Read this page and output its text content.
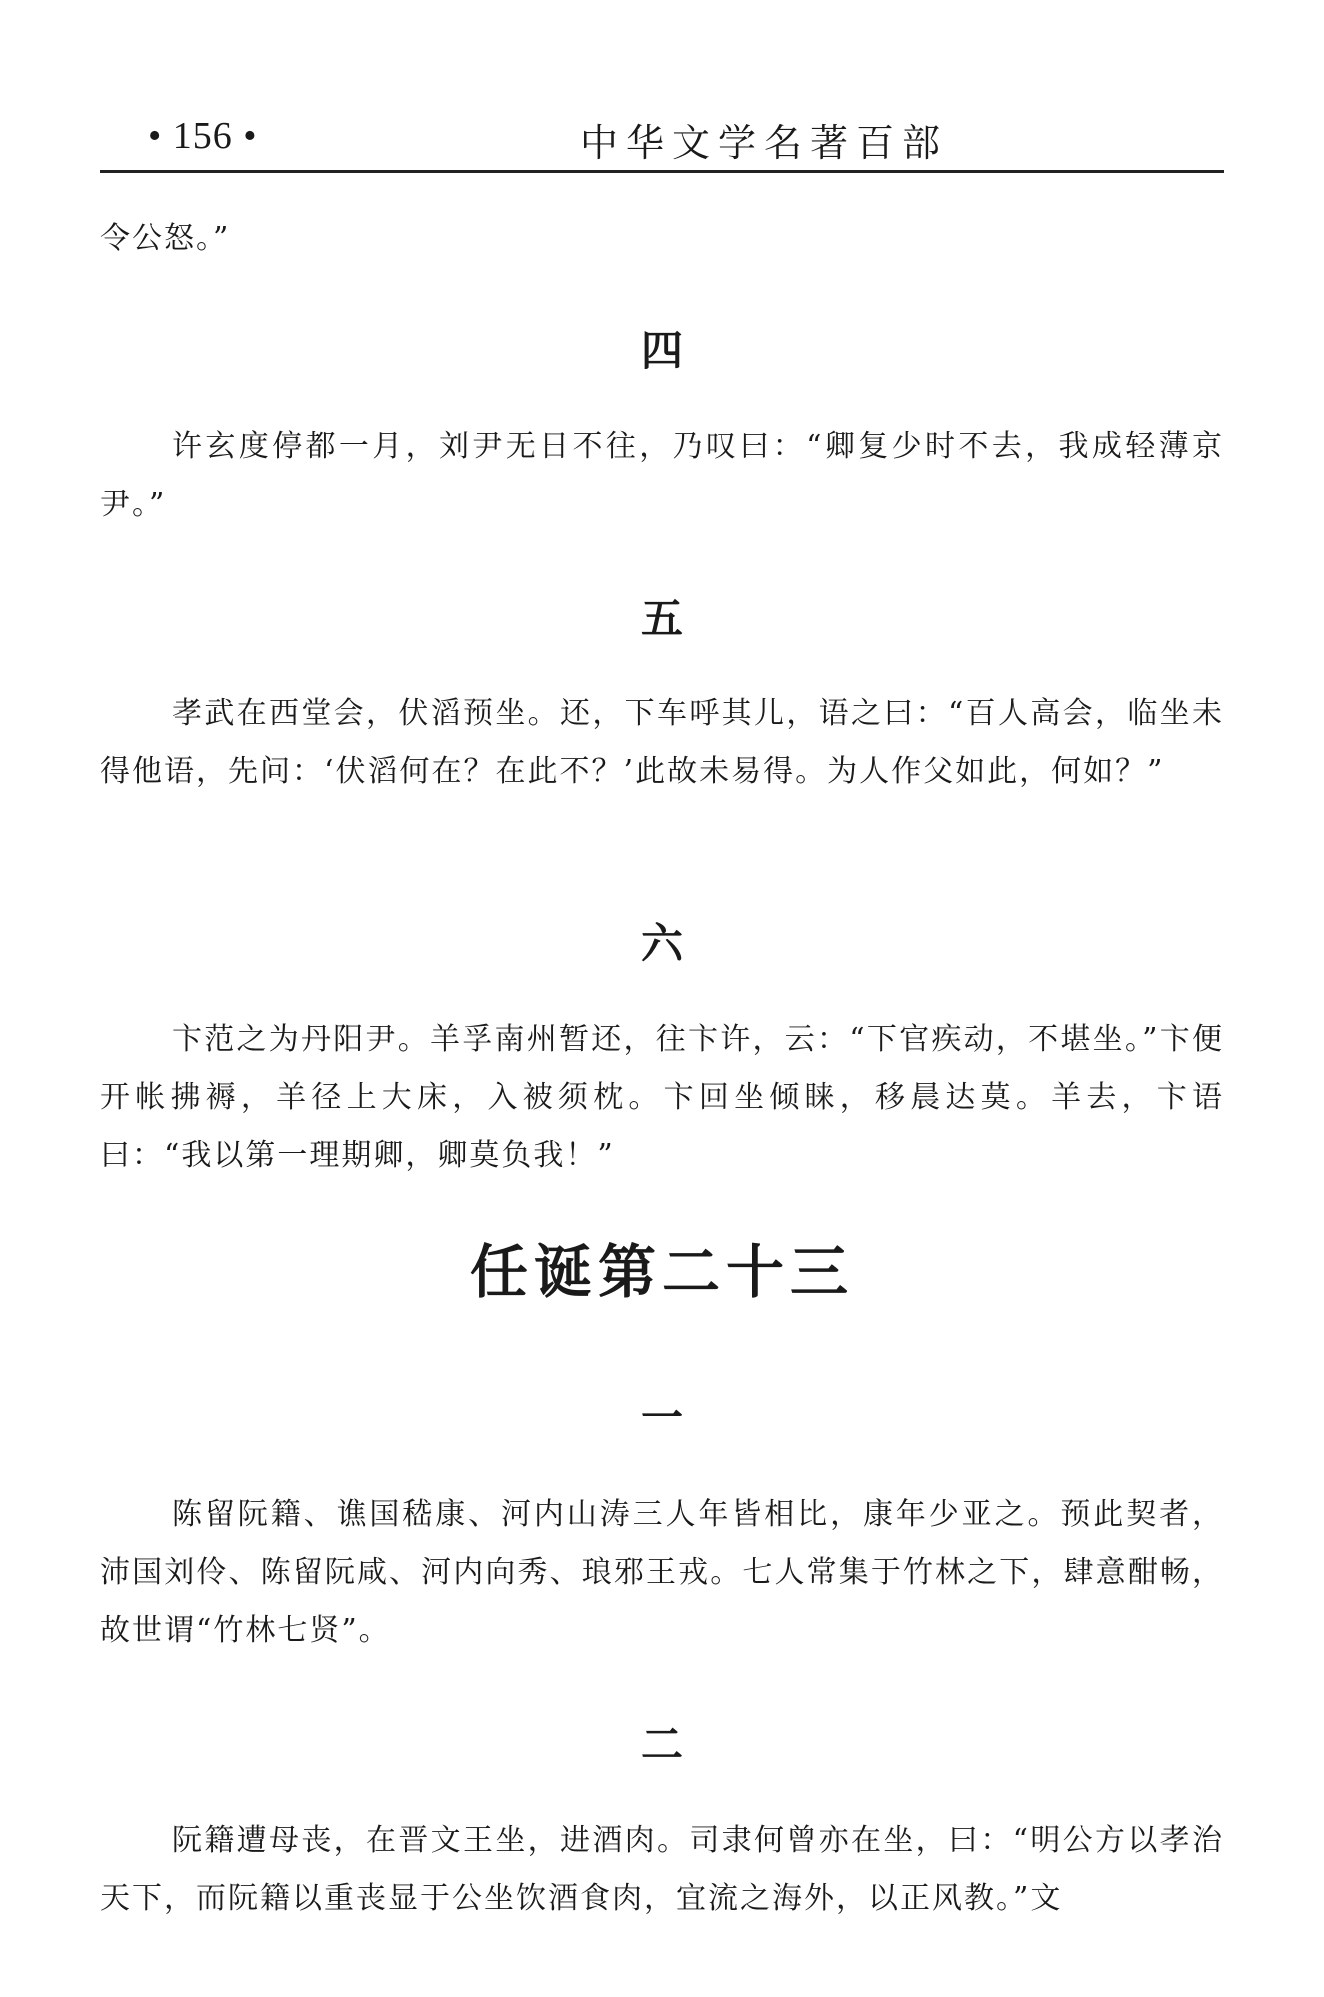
• 156 •	中华文学名著百部

令公怒。”

四

许玄度停都一月，刘尹无日不往，乃叹曰：“卿复少时不去，我成轻薄京尹。”

五

孝武在西堂会，伏滔预坐。还，下车呼其儿，语之曰：“百人高会，临坐未得他语，先问：‘伏滔何在？在此不？’此故未易得。为人作父如此，何如？”

六

卞范之为丹阳尹。羊孚南州暂还，往卞许，云：“下官疾动，不堪坐。”卞便开帐拂褥，羊径上大床，入被须枕。卞回坐倾睐，移晨达莫。羊去，卞语曰：“我以第一理期卿，卿莫负我！”

任诞第二十三
一

陈留阮籍、谯国嵇康、河内山涛三人年皆相比，康年少亚之。预此契者，沛国刘伶、陈留阮咸、河内向秀、琅邪王戎。七人常集于竹林之下，肆意酣畅，故世谓“竹林七贤”。

二

阮籍遭母丧，在晋文王坐，进酒肉。司隶何曾亦在坐，曰：“明公方以孝治天下，而阮籍以重丧显于公坐饮酒食肉，宜流之海外，以正风教。”文
